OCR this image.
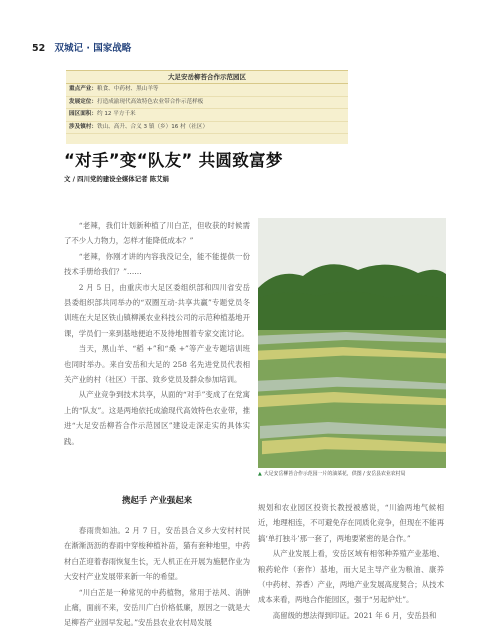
52 双城记 · 国家战略
大足安岳柳苔合作示范园区
重点产业：粮食、中药材、黑山羊等
发展定位：打造成渝现代高效特色农业带合作示范样板
园区面积：约 12 平方千米
涉及镇村：铁山、高升、合义 3 镇（乡）16 村（社区）
“对手”变“队友” 共圆致富梦
文 / 四川党的建设全媒体记者 陈艾娟

“老辣，我们计划新种植了川白芷，但收获的时候需了不少人力物力，怎样才能降低成本？”

“老辣，你刚才讲的内容我没记全，能不能提供一份技术手册给我们？”……

2 月 5 日，由重庆市大足区委组织部和四川省安岳县委组织部共同举办的“双圈互动·共享共赢”专题党员冬训班在大足区铁山镇柳溪农业科技公司的示范种植基地开课，学员们一来到基地便迫不及待地围着专家交流讨论。

当天，黑山羊、“稻 +”和“桑 +”等产业专题培训班也同时举办。来自安岳和大足的 258 名先进党员代表相关产业的村（社区）干部、致乡党员及群众参加培训。

从产业竞争到技术共享，从面的“对手”变成了在党寓上的“队友”。这是两地依托成渝现代高效特色农业带，推进“大足安岳柳苔合作示范园区”建设走深走实的具体实践。

携起手 产业强起来

春雨贵如油。2 月 7 日，安岳县合义乡大安村村民在渐渐沥沥的春雨中穿梭种植补苗，猫有套种地里，中药材白芷迎着春雨恢复生长，无人机正在开展为施肥作业为大安村产业发展带来新一年的希望。

“川白芷是一种常见的中药植物，常用于祛风、消肿止痛，面前不来，安岳川广白价格低廉，原因之一就是大足柳苔产业园早发起。”安岳县农业农村局发展

▲ 大足安岳柳苔合作示范园一片的油菜花，供图 / 安岳县农业农村局

规划和农业园区投资长教授被感说，“川渝两地气候相近，地理相连，不可避免存在同质化竞争，但现在不能再搞‘单打独斗’那一套了，两地要紧密的是合作。”

从产业发展上看，安岳区域有相邻种养殖产业基地、粮药轮作（套作）基地，而大足主导产业为粮油、康养（中药材、养香）产业，两地产业发展高度契合；从技术成本来看，两地合作能园区，强于“另起炉灶”。

高留级的想法得到印证。2021 年 6 月，安岳县和
